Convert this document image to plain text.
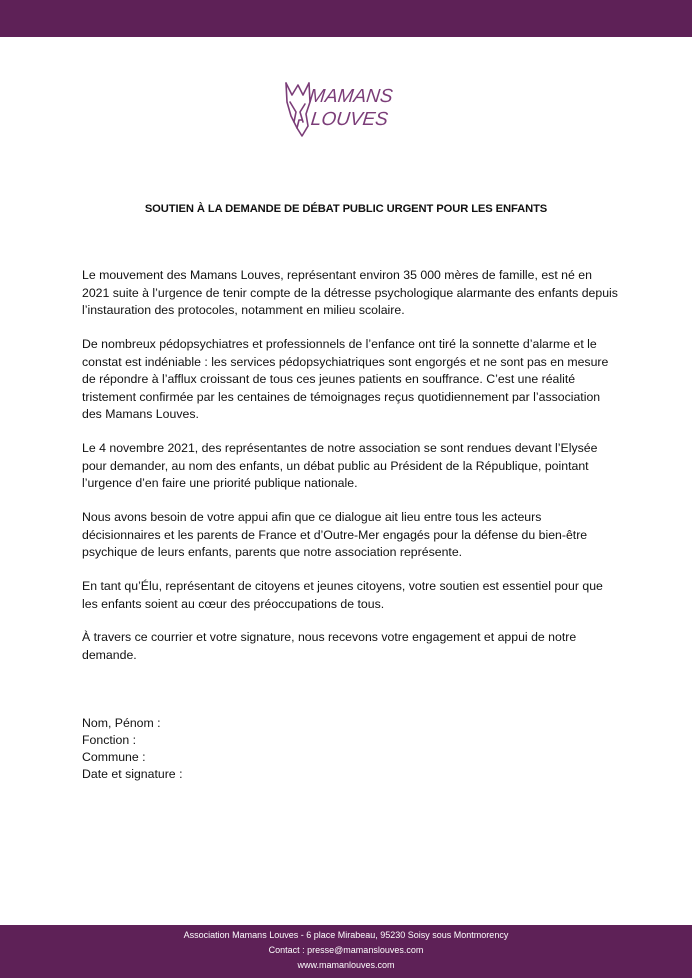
MAMANS
LOUVES
SOUTIEN À LA DEMANDE DE DÉBAT PUBLIC URGENT POUR LES ENFANTS

Le mouvement des Mamans Louves, représentant environ 35 000 mères de famille, est né en 2021 suite à l’urgence de tenir compte de la détresse psychologique alarmante des enfants depuis l’instauration des protocoles, notamment en milieu scolaire.

De nombreux pédopsychiatres et professionnels de l’enfance ont tiré la sonnette d’alarme et le constat est indéniable : les services pédopsychiatriques sont engorgés et ne sont pas en mesure de répondre à l’afflux croissant de tous ces jeunes patients en souffrance. C’est une réalité tristement confirmée par les centaines de témoignages reçus quotidiennement par l’association des Mamans Louves.

Le 4 novembre 2021, des représentantes de notre association se sont rendues devant l’Elysée pour demander, au nom des enfants, un débat public au Président de la République, pointant l’urgence d’en faire une priorité publique nationale.

Nous avons besoin de votre appui afin que ce dialogue ait lieu entre tous les acteurs décisionnaires et les parents de France et d’Outre-Mer engagés pour la défense du bien-être psychique de leurs enfants, parents que notre association représente.

En tant qu’Élu, représentant de citoyens et jeunes citoyens, votre soutien est essentiel pour que les enfants soient au cœur des préoccupations de tous.

À travers ce courrier et votre signature, nous recevons votre engagement et appui de notre demande.

Nom, Pénom :
Fonction :
Commune :
Date et signature :
Association Mamans Louves - 6 place Mirabeau, 95230 Soisy sous Montmorency
Contact : presse@mamanslouves.com
www.mamanlouves.com
